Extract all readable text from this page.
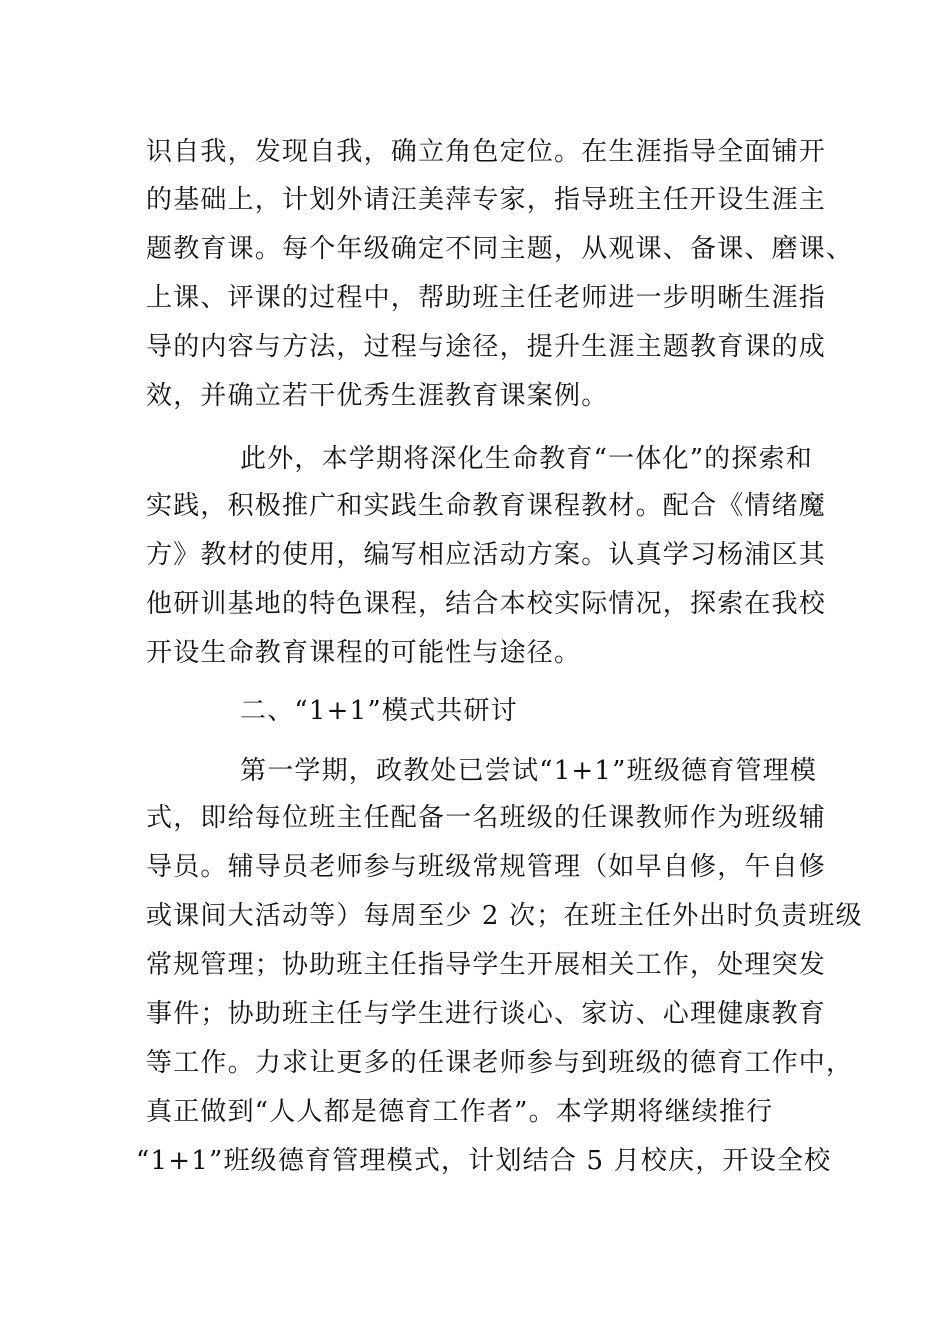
识自我，发现自我，确立角色定位。在生涯指导全面铺开
的基础上，计划外请汪美萍专家，指导班主任开设生涯主
题教育课。每个年级确定不同主题，从观课、备课、磨课、
上课、评课的过程中，帮助班主任老师进一步明晰生涯指
导的内容与方法，过程与途径，提升生涯主题教育课的成
效，并确立若干优秀生涯教育课案例。
此外，本学期将深化生命教育“一体化”的探索和
实践，积极推广和实践生命教育课程教材。配合《情绪魔
方》教材的使用，编写相应活动方案。认真学习杨浦区其
他研训基地的特色课程，结合本校实际情况，探索在我校
开设生命教育课程的可能性与途径。
二、“1+1”模式共研讨
第一学期，政教处已尝试“1+1”班级德育管理模
式，即给每位班主任配备一名班级的任课教师作为班级辅
导员。辅导员老师参与班级常规管理（如早自修，午自修
或课间大活动等）每周至少 2 次；在班主任外出时负责班级
常规管理；协助班主任指导学生开展相关工作，处理突发
事件；协助班主任与学生进行谈心、家访、心理健康教育
等工作。力求让更多的任课老师参与到班级的德育工作中，
真正做到“人人都是德育工作者”。本学期将继续推行
“1+1”班级德育管理模式，计划结合 5 月校庆，开设全校
